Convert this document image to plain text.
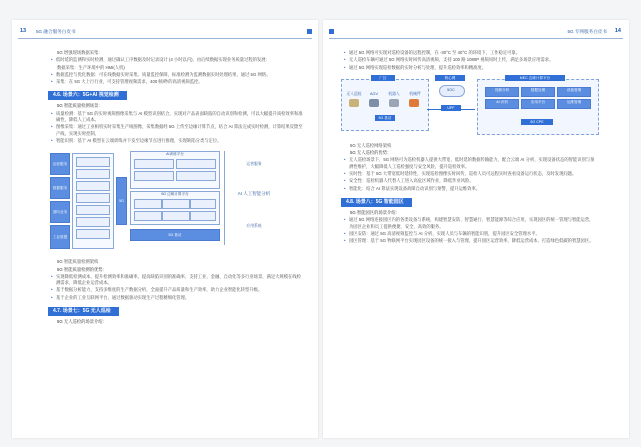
13 5G 融合服务白皮书

5G 增强现场数据采集：

• 低时延的监测和实时检测，通过确认工序数据及时记录设计 (4 小时以内)，由后续数据实现业务质量过程的发展：

数据采集：生产环境中的 HMI(人机)

• 数据监控与优化数据：可在线数据实时采集、质量监控保障，标准检测为监测数据实时处理结果，通过 5G 网络。

• 采集：在 5G 大上行行业，可支持管理视频需求，400 帧/秒的高清视频监控。

4.6. 场景六：5G+AI 视觉检测

5G 智能质量检测场景：

• 质量检测：基于 5G 的实时视频图像采集与 AI 模型识别结合，实现对产品表面缺陷的自动识别和检测，可以大幅提升质检效率和准确性，降低人工成本。

• 图像采集：通过工业相机实时采集生产线图像，采集数据经 5G 上传至边缘计算节点，结合 AI 算法完成实时检测，计算结果反馈至产线，实现实时控制。

• 智能识别：基于 AI 模型在云端训练并下发至边缘节点进行推理，实现缺陷分类与定位。

运营服务
数据服务
面向业务
工业数据
5G
AI训练平台
5G 边缘计算平台
5G 基站
运营服务
AI 人工智能分析
应用系统

5G 智能质量检测架构

5G 智能质量检测的优势：

• 实现降低检测成本，提升检测效率和准确率，提高缺陷识别的准确率，支持工业、金融、自动化等多行业场景，满足大规模在线检测需求，降低企业运营成本。

• 基于数据分析能力，支持多维度的生产数据分析，全面提升产品质量和生产效率，助力企业智能化转型升级。

• 基于企业的工业互联网平台，通过数据驱动实现生产过程精细化管理。

4.7. 场景七：5G 无人巡检

5G 无人巡检的场景介绍：

5G 专网服务白皮书 14

• 通过 5G 网络可实现对巡检设备的远程控制，在 -30°C 至 40°C 的环境下，工作稳定可靠。

• 无人巡检车辆可通过 5G 网络实时回传高清视频，支持 100 路 1080P 视频同时上传，满足多场景应用需求。

• 通过 5G 网络实现巡检数据的实时分析与处理，提升巡检效率和精准度。

厂区
无人巡检	AGV	机器人	机械臂
5G 基站
核心网
5GC
UPF
MEC 边缘计算平台
视频分析	数据处理	设备管理
AI 识别	应用平台	运维管理
5G CPE

5G 无人巡检网络架构

5G 无人巡检的优势：

• 无人巡检场景下，5G 网络可为巡检机器人提供大带宽、低时延的数据传输能力，配合云端 AI 分析，实现设备状态的智能识别与预测性维护，大幅降低人工巡检强度与安全风险，提升巡检效率。

• 实时性：基于 5G 大带宽低时延特性，实现巡检图像实时回传，巡检人员可远程实时查看设备运行状态，及时发现问题。

• 安全性：巡检机器人代替人工进入高危区域作业，降低作业风险。

• 智能化：结合 AI 算法实现设备故障自动识别与预警，提升运维效率。

4.8. 场景八：5G 智能园区

5G 智能园区的场景介绍：

• 通过 5G 网络连接园区内的各类设备与系统，构建智慧安防、智慧通行、智慧能源等综合应用，实现园区的统一管理与智能运营，为园区企业和员工提供便捷、安全、高效的服务。

• 园区安防：通过 5G 高清视频监控与 AI 分析，实现人员与车辆的智能识别，提升园区安全管理水平。

• 园区管理：基于 5G 物联网平台实现园区设备的统一接入与管理，提升园区运营效率，降低运营成本，打造绿色低碳的智慧园区。
